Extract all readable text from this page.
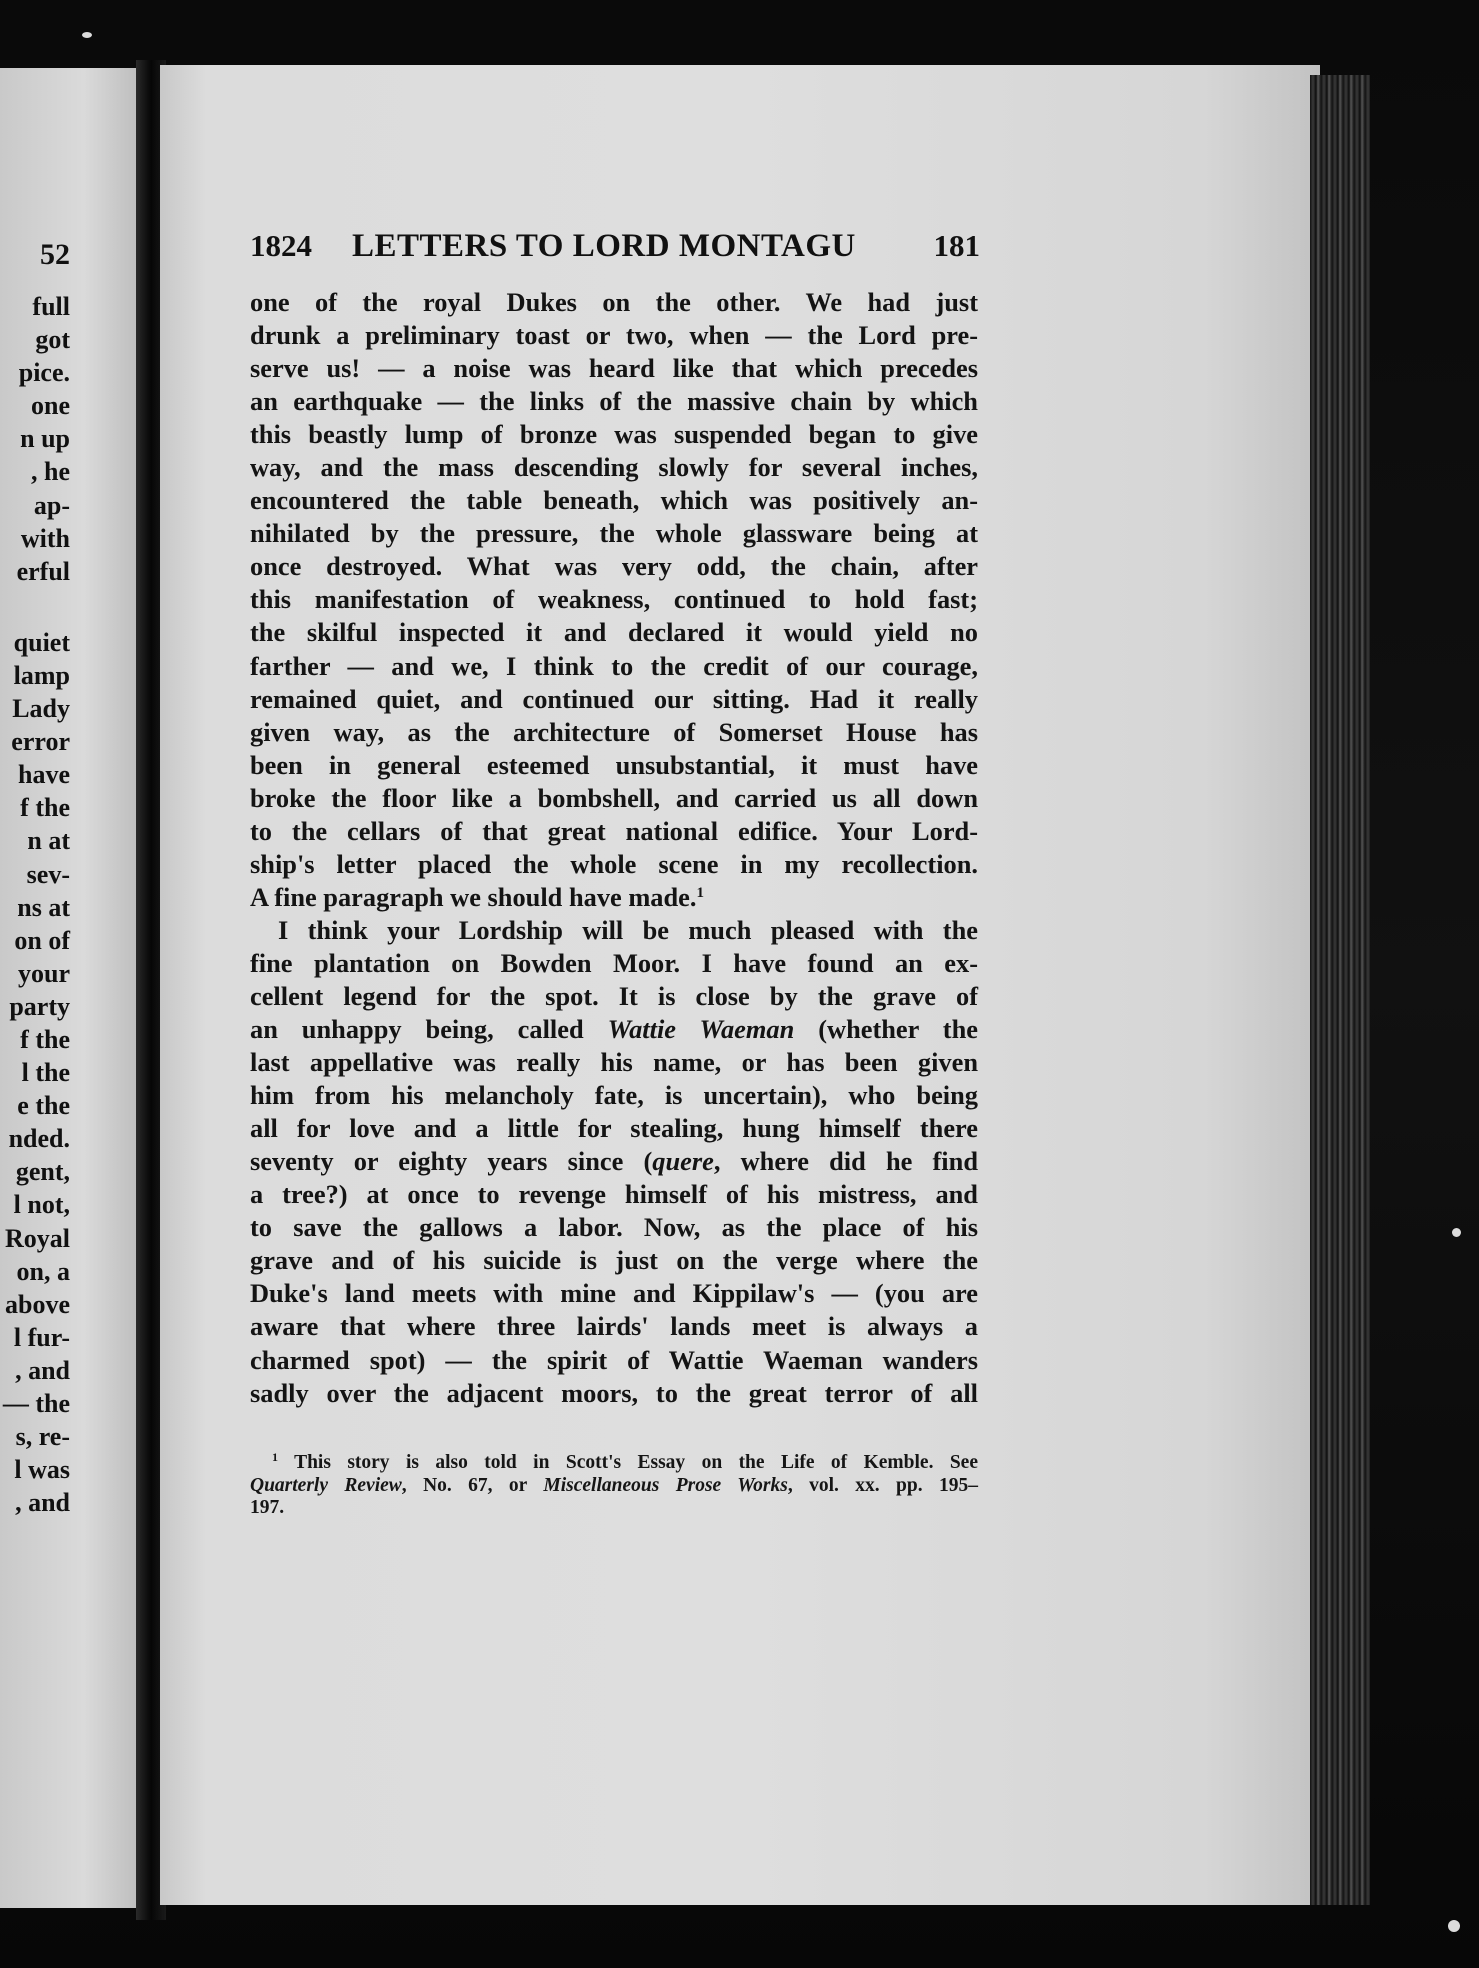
52
full
got
pice.
one
n up
, he
ap-
with
erful
quiet
lamp
Lady
error
have
f the
n at
sev-
ns at
on of
your
party
f the
l the
e the
nded.
gent,
l not,
Royal
on, a
above
l fur-
, and
— the
s, re-
l was
, and
1824 LETTERS TO LORD MONTAGU	181
one of the royal Dukes on the other. We had just
drunk a preliminary toast or two, when — the Lord pre-
serve us! — a noise was heard like that which precedes
an earthquake — the links of the massive chain by which
this beastly lump of bronze was suspended began to give
way, and the mass descending slowly for several inches,
encountered the table beneath, which was positively an-
nihilated by the pressure, the whole glassware being at
once destroyed. What was very odd, the chain, after
this manifestation of weakness, continued to hold fast;
the skilful inspected it and declared it would yield no
farther — and we, I think to the credit of our courage,
remained quiet, and continued our sitting. Had it really
given way, as the architecture of Somerset House has
been in general esteemed unsubstantial, it must have
broke the floor like a bombshell, and carried us all down
to the cellars of that great national edifice. Your Lord-
ship's letter placed the whole scene in my recollection.
A fine paragraph we should have made.$^1$
I think your Lordship will be much pleased with the
fine plantation on Bowden Moor. I have found an ex-
cellent legend for the spot. It is close by the grave of
an unhappy being, called Wattie Waeman (whether the
last appellative was really his name, or has been given
him from his melancholy fate, is uncertain), who being
all for love and a little for stealing, hung himself there
seventy or eighty years since (quere, where did he find
a tree?) at once to revenge himself of his mistress, and
to save the gallows a labor. Now, as the place of his
grave and of his suicide is just on the verge where the
Duke's land meets with mine and Kippilaw's — (you are
aware that where three lairds' lands meet is always a
charmed spot) — the spirit of Wattie Waeman wanders
sadly over the adjacent moors, to the great terror of all
$^1$ This story is also told in Scott's Essay on the Life of Kemble. See
Quarterly Review, No. 67, or Miscellaneous Prose Works, vol. xx. pp. 195–
197.
